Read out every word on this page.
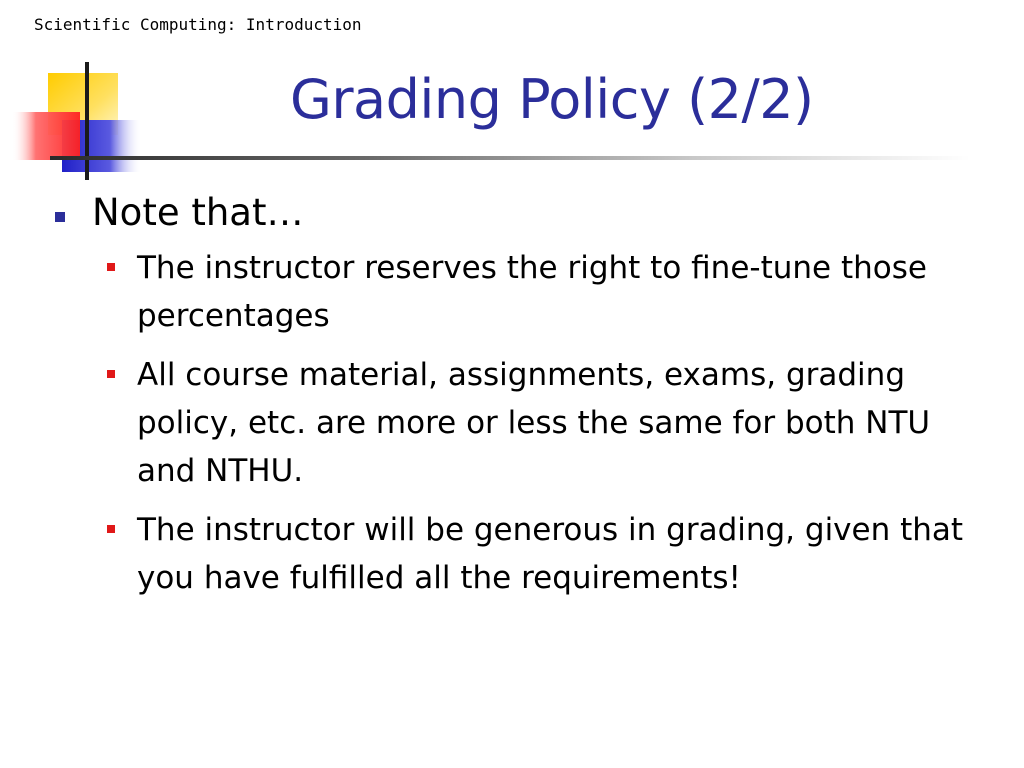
Scientific Computing: Introduction
Grading Policy (2/2)
Note that…
The instructor reserves the right to fine-tune those percentages
All course material, assignments, exams, grading policy, etc. are more or less the same for both NTU and NTHU.
The instructor will be generous in grading, given that you have fulfilled all the requirements!
